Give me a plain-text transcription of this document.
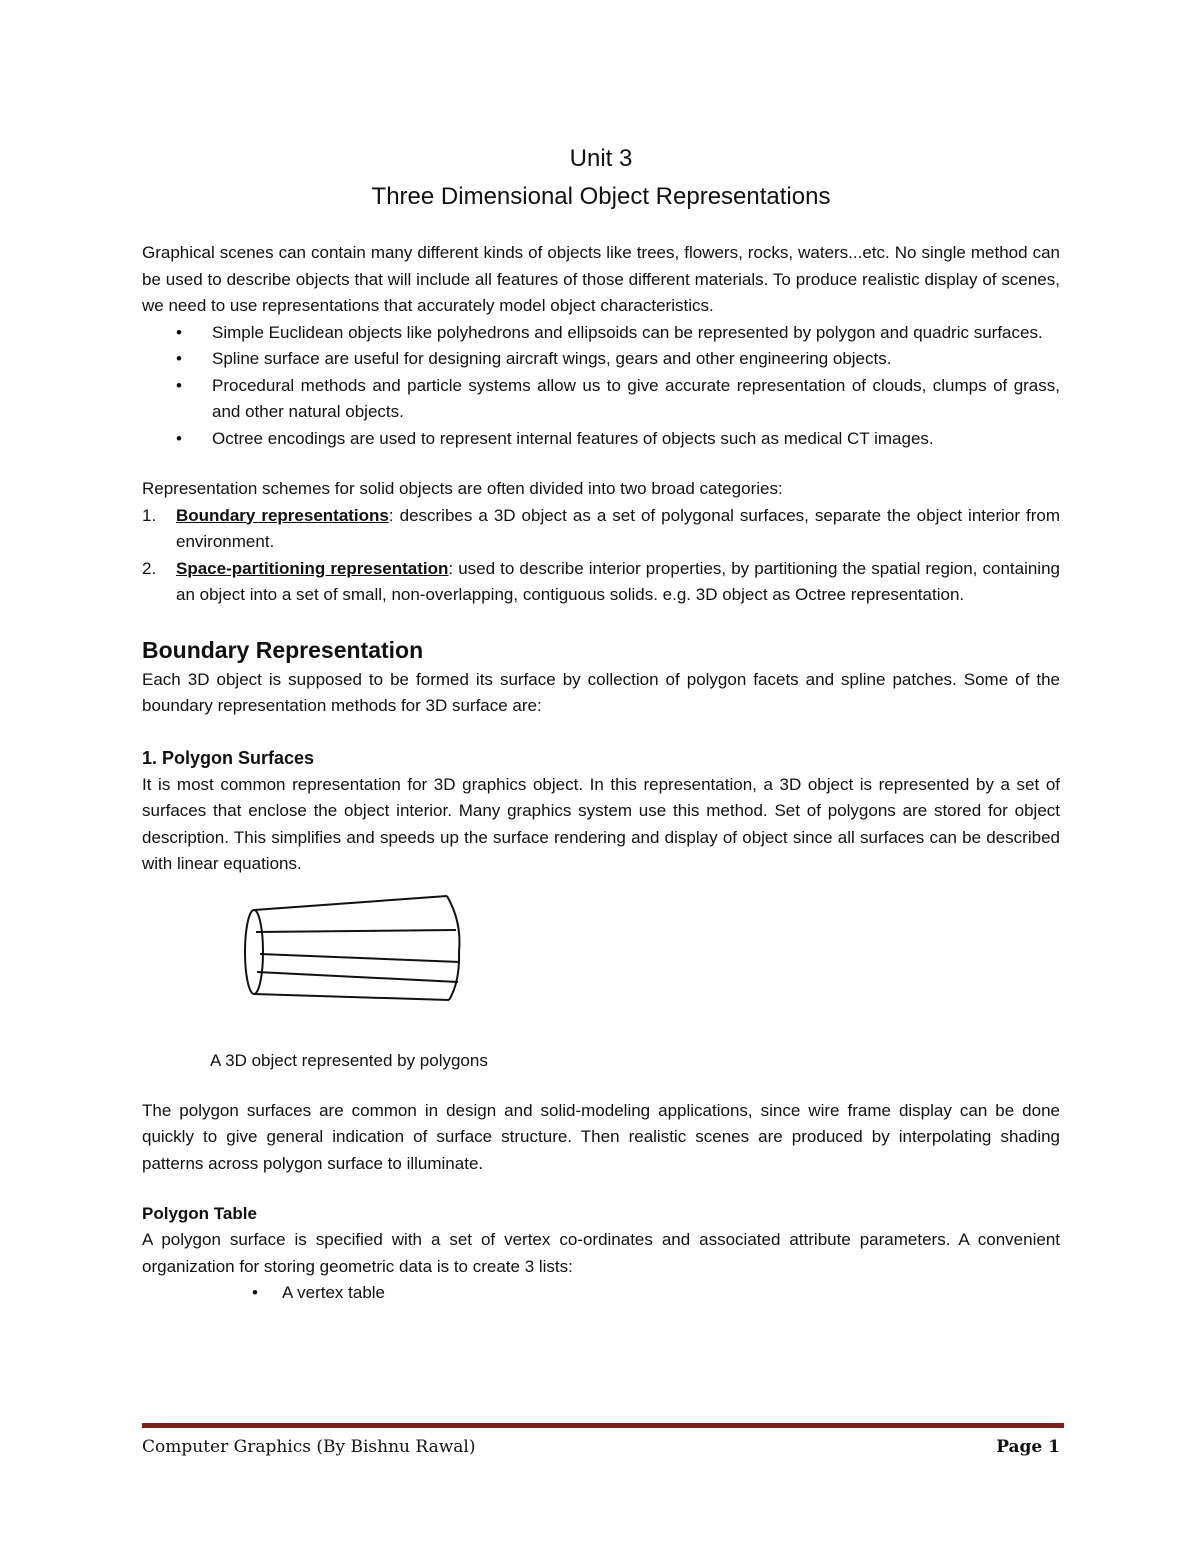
Unit 3
Three Dimensional Object Representations

Graphical scenes can contain many different kinds of objects like trees, flowers, rocks, waters...etc. No single method can be used to describe objects that will include all features of those different materials. To produce realistic display of scenes, we need to use representations that accurately model object characteristics.

• Simple Euclidean objects like polyhedrons and ellipsoids can be represented by polygon and quadric surfaces.
• Spline surface are useful for designing aircraft wings, gears and other engineering objects.
• Procedural methods and particle systems allow us to give accurate representation of clouds, clumps of grass, and other natural objects.
• Octree encodings are used to represent internal features of objects such as medical CT images.

Representation schemes for solid objects are often divided into two broad categories:

1. Boundary representations: describes a 3D object as a set of polygonal surfaces, separate the object interior from environment.
2. Space-partitioning representation: used to describe interior properties, by partitioning the spatial region, containing an object into a set of small, non-overlapping, contiguous solids. e.g. 3D object as Octree representation.
Boundary Representation

Each 3D object is supposed to be formed its surface by collection of polygon facets and spline patches. Some of the boundary representation methods for 3D surface are:

1. Polygon Surfaces

It is most common representation for 3D graphics object. In this representation, a 3D object is represented by a set of surfaces that enclose the object interior. Many graphics system use this method. Set of polygons are stored for object description. This simplifies and speeds up the surface rendering and display of object since all surfaces can be described with linear equations.

A 3D object represented by polygons

The polygon surfaces are common in design and solid-modeling applications, since wire frame display can be done quickly to give general indication of surface structure. Then realistic scenes are produced by interpolating shading patterns across polygon surface to illuminate.

Polygon Table

A polygon surface is specified with a set of vertex co-ordinates and associated attribute parameters. A convenient organization for storing geometric data is to create 3 lists:

• A vertex table
Computer Graphics (By Bishnu Rawal)	Page 1
